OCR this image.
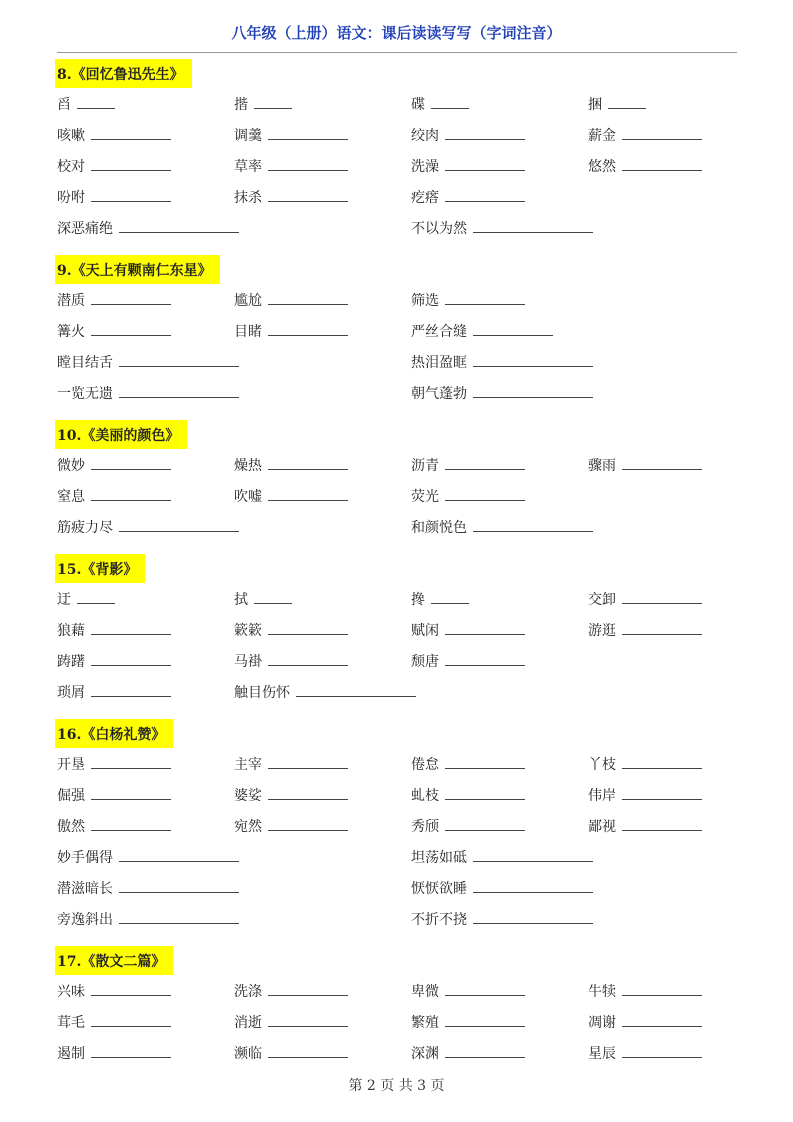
八年级（上册）语文：课后读读写写（字词注音）
8.《回忆鲁迅先生》
舀	揩	碟	捆
咳嗽	调羹	绞肉	薪金
校对	草率	洗澡	悠然
吩咐	抹杀	疙瘩
深恶痛绝	不以为然
9.《天上有颗南仁东星》
潜质	尴尬	筛选
篝火	目睹	严丝合缝
瞠目结舌	热泪盈眶
一览无遗	朝气蓬勃
10.《美丽的颜色》
微妙	燥热	沥青	骤雨
窒息	吹嘘	荧光
筋疲力尽	和颜悦色
15.《背影》
迂	拭	搀	交卸
狼藉	簌簌	赋闲	游逛
踌躇	马褂	颓唐
琐屑	触目伤怀
16.《白杨礼赞》
开垦	主宰	倦怠	丫枝
倔强	婆娑	虬枝	伟岸
傲然	宛然	秀颀	鄙视
妙手偶得	坦荡如砥
潜滋暗长	恹恹欲睡
旁逸斜出	不折不挠
17.《散文二篇》
兴味	洗涤	卑微	牛犊
茸毛	消逝	繁殖	凋谢
遏制	濒临	深渊	星辰
第 2 页 共 3 页
